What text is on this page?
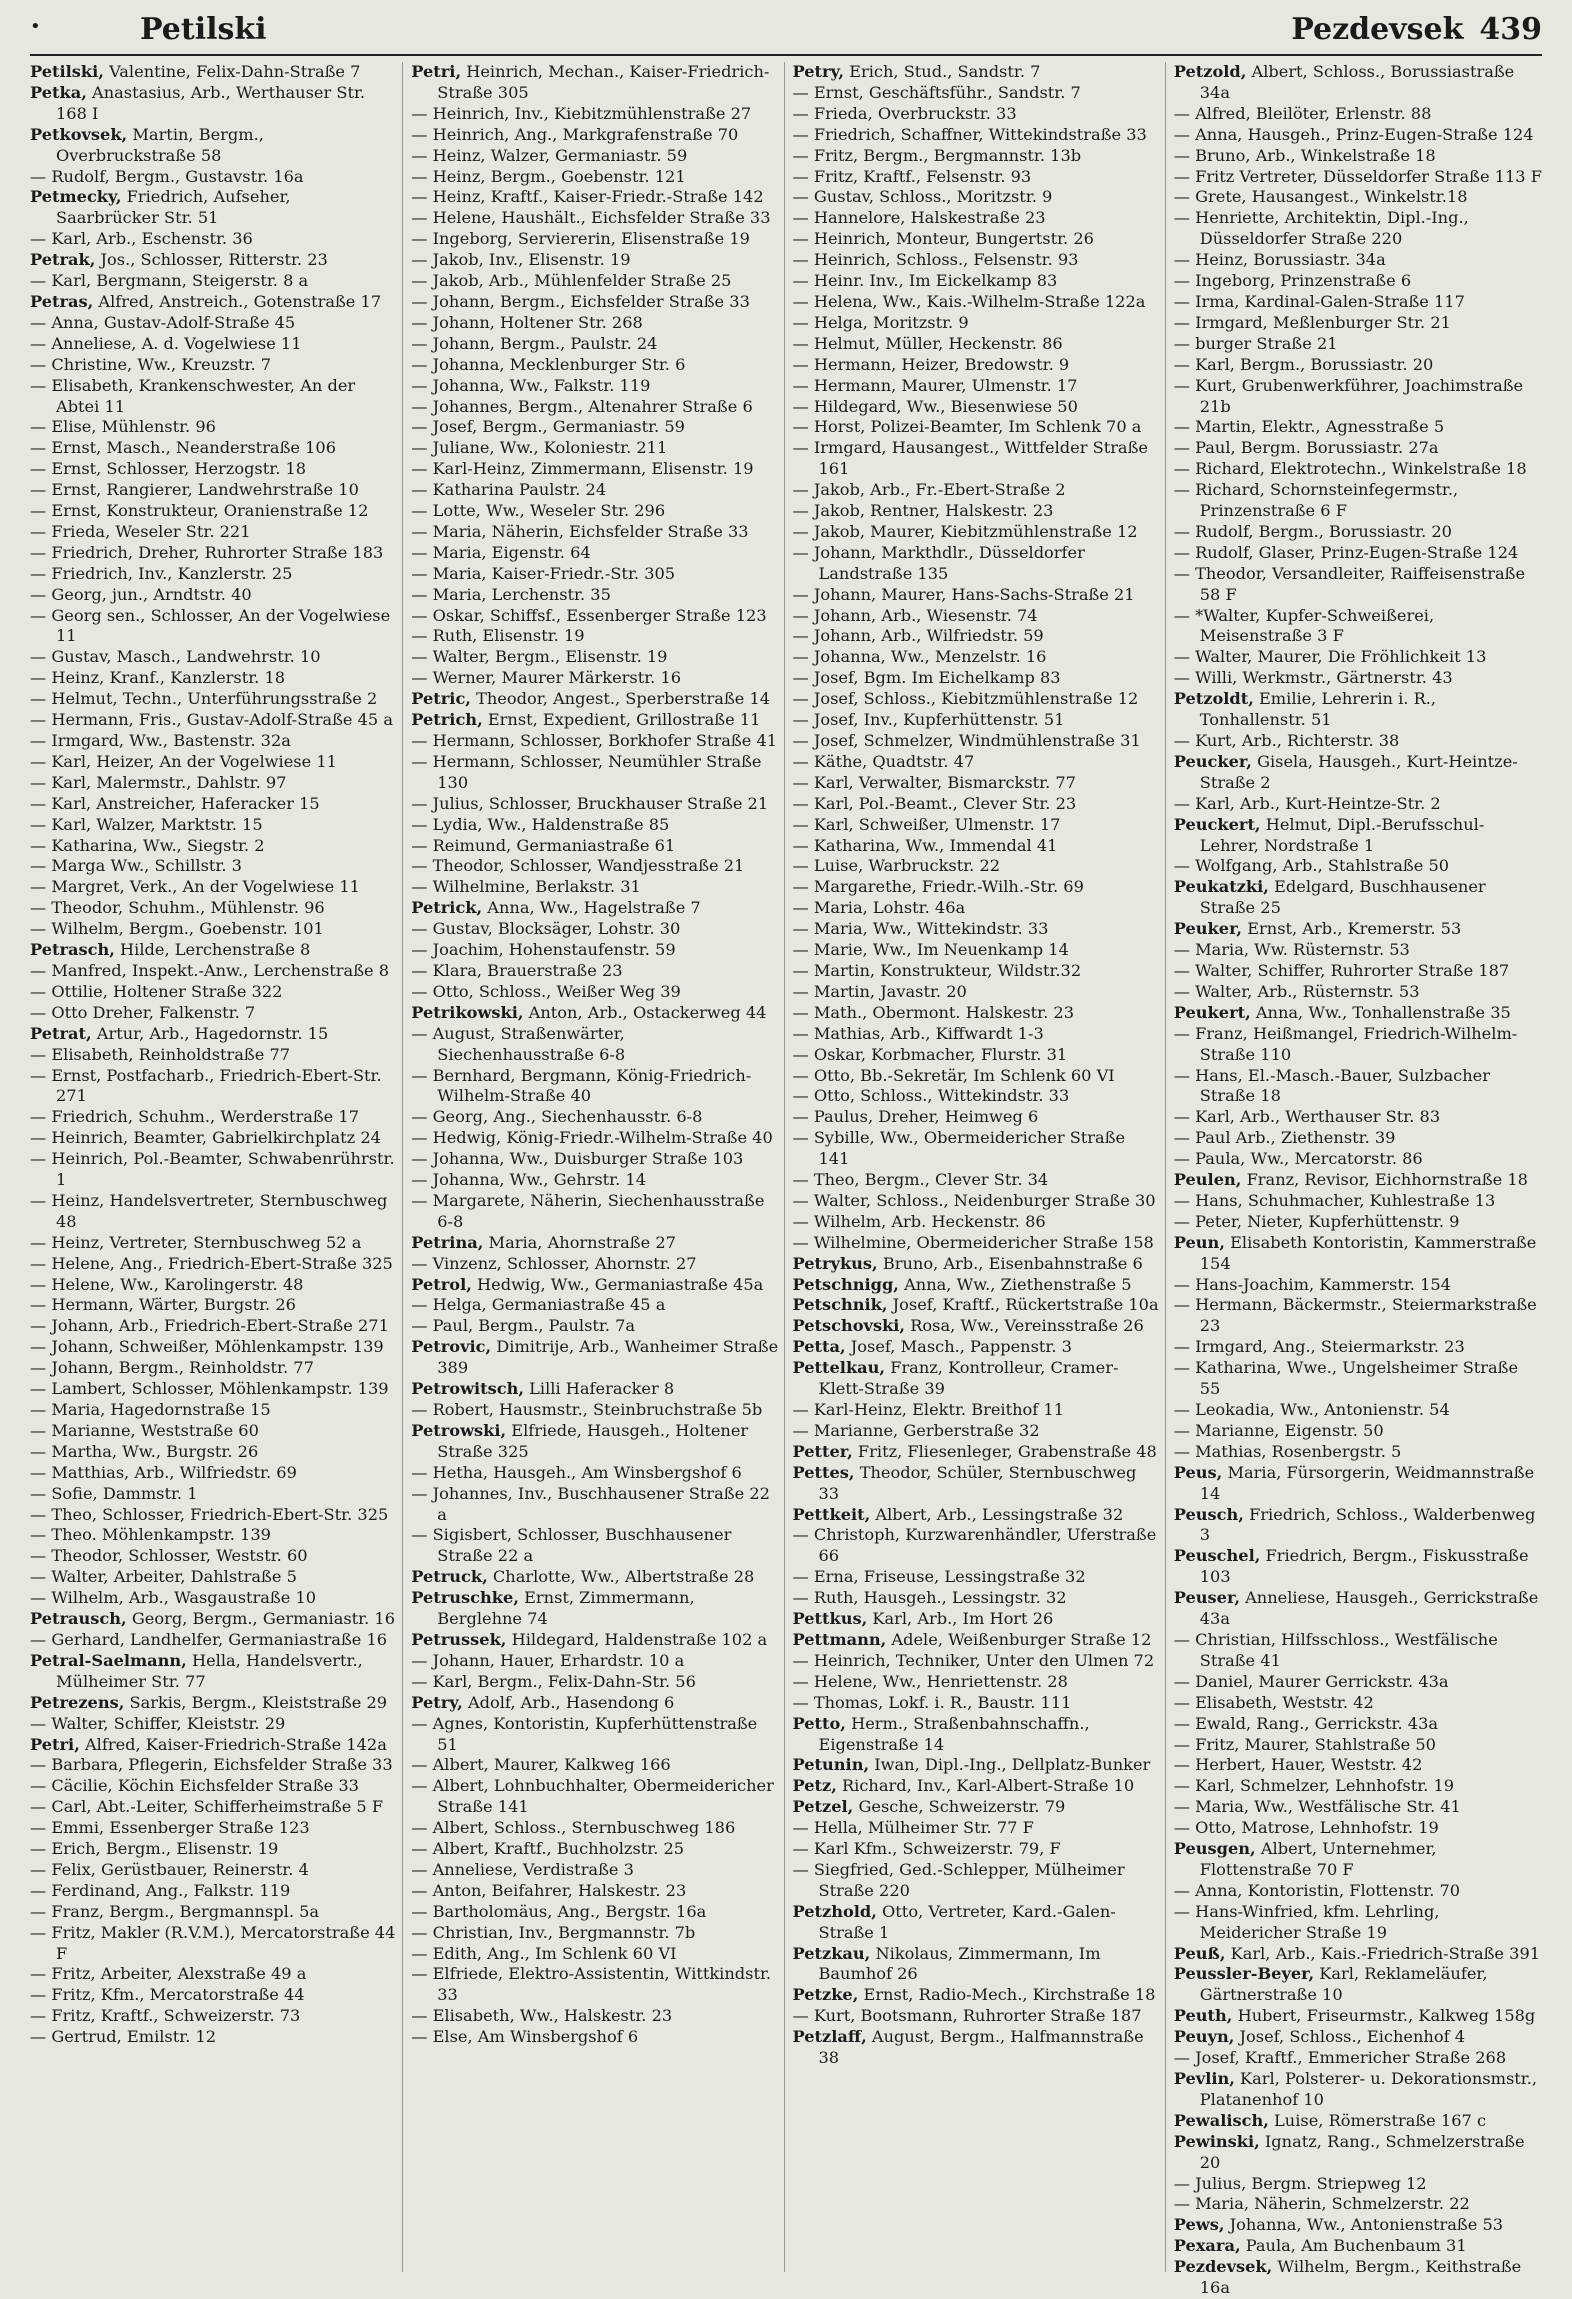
•	Petilski	Pezdevsek 439

Petilski, Valentine, Felix-Dahn-Straße 7

Petka, Anastasius, Arb., Werthauser Str. 168 I

Petkovsek, Martin, Bergm., Overbruckstraße 58

— Rudolf, Bergm., Gustavstr. 16a

Petmecky, Friedrich, Aufseher, Saarbrücker Str. 51

— Karl, Arb., Eschenstr. 36

Petrak, Jos., Schlosser, Ritterstr. 23

— Karl, Bergmann, Steigerstr. 8 a

Petras, Alfred, Anstreich., Gotenstraße 17

— Anna, Gustav-Adolf-Straße 45

— Anneliese, A. d. Vogelwiese 11

— Christine, Ww., Kreuzstr. 7

— Elisabeth, Krankenschwester, An der Abtei 11

— Elise, Mühlenstr. 96

— Ernst, Masch., Neanderstraße 106

— Ernst, Schlosser, Herzogstr. 18

— Ernst, Rangierer, Landwehrstraße 10

— Ernst, Konstrukteur, Oranienstraße 12

— Frieda, Weseler Str. 221

— Friedrich, Dreher, Ruhrorter Straße 183

— Friedrich, Inv., Kanzlerstr. 25

— Georg, jun., Arndtstr. 40

— Georg sen., Schlosser, An der Vogelwiese 11

— Gustav, Masch., Landwehrstr. 10

— Heinz, Kranf., Kanzlerstr. 18

— Helmut, Techn., Unterführungsstraße 2

— Hermann, Fris., Gustav-Adolf-Straße 45 a

— Irmgard, Ww., Bastenstr. 32a

— Karl, Heizer, An der Vogelwiese 11

— Karl, Malermstr., Dahlstr. 97

— Karl, Anstreicher, Haferacker 15

— Karl, Walzer, Marktstr. 15

— Katharina, Ww., Siegstr. 2

— Marga Ww., Schillstr. 3

— Margret, Verk., An der Vogelwiese 11

— Theodor, Schuhm., Mühlenstr. 96

— Wilhelm, Bergm., Goebenstr. 101

Petrasch, Hilde, Lerchenstraße 8

— Manfred, Inspekt.-Anw., Lerchenstraße 8

— Ottilie, Holtener Straße 322

— Otto Dreher, Falkenstr. 7

Petrat, Artur, Arb., Hagedornstr. 15

— Elisabeth, Reinholdstraße 77

— Ernst, Postfacharb., Friedrich-Ebert-Str. 271

— Friedrich, Schuhm., Werderstraße 17

— Heinrich, Beamter, Gabrielkirchplatz 24

— Heinrich, Pol.-Beamter, Schwabenrührstr. 1

— Heinz, Handelsvertreter, Sternbuschweg 48

— Heinz, Vertreter, Sternbuschweg 52 a

— Helene, Ang., Friedrich-Ebert-Straße 325

— Helene, Ww., Karolingerstr. 48

— Hermann, Wärter, Burgstr. 26

— Johann, Arb., Friedrich-Ebert-Straße 271

— Johann, Schweißer, Möhlenkampstr. 139

— Johann, Bergm., Reinholdstr. 77

— Lambert, Schlosser, Möhlenkampstr. 139

— Maria, Hagedornstraße 15

— Marianne, Weststraße 60

— Martha, Ww., Burgstr. 26

— Matthias, Arb., Wilfriedstr. 69

— Sofie, Dammstr. 1

— Theo, Schlosser, Friedrich-Ebert-Str. 325

— Theo. Möhlenkampstr. 139

— Theodor, Schlosser, Weststr. 60

— Walter, Arbeiter, Dahlstraße 5

— Wilhelm, Arb., Wasgaustraße 10

Petrausch, Georg, Bergm., Germaniastr. 16

— Gerhard, Landhelfer, Germaniastraße 16

Petral-Saelmann, Hella, Handelsvertr., Mülheimer Str. 77

Petrezens, Sarkis, Bergm., Kleiststraße 29

— Walter, Schiffer, Kleiststr. 29

Petri, Alfred, Kaiser-Friedrich-Straße 142a

— Barbara, Pflegerin, Eichsfelder Straße 33

— Cäcilie, Köchin Eichsfelder Straße 33

— Carl, Abt.-Leiter, Schifferheimstraße 5 F

— Emmi, Essenberger Straße 123

— Erich, Bergm., Elisenstr. 19

— Felix, Gerüstbauer, Reinerstr. 4

— Ferdinand, Ang., Falkstr. 119

— Franz, Bergm., Bergmannspl. 5a

— Fritz, Makler (R.V.M.), Mercatorstraße 44 F

— Fritz, Arbeiter, Alexstraße 49 a

— Fritz, Kfm., Mercatorstraße 44

— Fritz, Kraftf., Schweizerstr. 73

— Gertrud, Emilstr. 12

Petri, Heinrich, Mechan., Kaiser-Friedrich-Straße 305

— Heinrich, Inv., Kiebitzmühlenstraße 27

— Heinrich, Ang., Markgrafenstraße 70

— Heinz, Walzer, Germaniastr. 59

— Heinz, Bergm., Goebenstr. 121

— Heinz, Kraftf., Kaiser-Friedr.-Straße 142

— Helene, Haushält., Eichsfelder Straße 33

— Ingeborg, Serviererin, Elisenstraße 19

— Jakob, Inv., Elisenstr. 19

— Jakob, Arb., Mühlenfelder Straße 25

— Johann, Bergm., Eichsfelder Straße 33

— Johann, Holtener Str. 268

— Johann, Bergm., Paulstr. 24

— Johanna, Mecklenburger Str. 6

— Johanna, Ww., Falkstr. 119

— Johannes, Bergm., Altenahrer Straße 6

— Josef, Bergm., Germaniastr. 59

— Juliane, Ww., Koloniestr. 211

— Karl-Heinz, Zimmermann, Elisenstr. 19

— Katharina Paulstr. 24

— Lotte, Ww., Weseler Str. 296

— Maria, Näherin, Eichsfelder Straße 33

— Maria, Eigenstr. 64

— Maria, Kaiser-Friedr.-Str. 305

— Maria, Lerchenstr. 35

— Oskar, Schiffsf., Essenberger Straße 123

— Ruth, Elisenstr. 19

— Walter, Bergm., Elisenstr. 19

— Werner, Maurer Märkerstr. 16

Petric, Theodor, Angest., Sperberstraße 14

Petrich, Ernst, Expedient, Grillostraße 11

— Hermann, Schlosser, Borkhofer Straße 41

— Hermann, Schlosser, Neumühler Straße 130

— Julius, Schlosser, Bruckhauser Straße 21

— Lydia, Ww., Haldenstraße 85

— Reimund, Germaniastraße 61

— Theodor, Schlosser, Wandjesstraße 21

— Wilhelmine, Berlakstr. 31

Petrick, Anna, Ww., Hagelstraße 7

— Gustav, Blocksäger, Lohstr. 30

— Joachim, Hohenstaufenstr. 59

— Klara, Brauerstraße 23

— Otto, Schloss., Weißer Weg 39

Petrikowski, Anton, Arb., Ostackerweg 44

— August, Straßenwärter, Siechenhausstraße 6-8

— Bernhard, Bergmann, König-Friedrich-Wilhelm-Straße 40

— Georg, Ang., Siechenhausstr. 6-8

— Hedwig, König-Friedr.-Wilhelm-Straße 40

— Johanna, Ww., Duisburger Straße 103

— Johanna, Ww., Gehrstr. 14

— Margarete, Näherin, Siechenhausstraße 6-8

Petrina, Maria, Ahornstraße 27

— Vinzenz, Schlosser, Ahornstr. 27

Petrol, Hedwig, Ww., Germaniastraße 45a

— Helga, Germaniastraße 45 a

— Paul, Bergm., Paulstr. 7a

Petrovic, Dimitrije, Arb., Wanheimer Straße 389

Petrowitsch, Lilli Haferacker 8

— Robert, Hausmstr., Steinbruchstraße 5b

Petrowski, Elfriede, Hausgeh., Holtener Straße 325

— Hetha, Hausgeh., Am Winsbergshof 6

— Johannes, Inv., Buschhausener Straße 22 a

— Sigisbert, Schlosser, Buschhausener Straße 22 a

Petruck, Charlotte, Ww., Albertstraße 28

Petruschke, Ernst, Zimmermann, Berglehne 74

Petrussek, Hildegard, Haldenstraße 102 a

— Johann, Hauer, Erhardstr. 10 a

— Karl, Bergm., Felix-Dahn-Str. 56

Petry, Adolf, Arb., Hasendong 6

— Agnes, Kontoristin, Kupferhüttenstraße 51

— Albert, Maurer, Kalkweg 166

— Albert, Lohnbuchhalter, Obermeidericher Straße 141

— Albert, Schloss., Sternbuschweg 186

— Albert, Kraftf., Buchholzstr. 25

— Anneliese, Verdistraße 3

— Anton, Beifahrer, Halskestr. 23

— Bartholomäus, Ang., Bergstr. 16a

— Christian, Inv., Bergmannstr. 7b

— Edith, Ang., Im Schlenk 60 VI

— Elfriede, Elektro-Assistentin, Wittkindstr. 33

— Elisabeth, Ww., Halskestr. 23

— Else, Am Winsbergshof 6

Petry, Erich, Stud., Sandstr. 7

— Ernst, Geschäftsführ., Sandstr. 7

— Frieda, Overbruckstr. 33

— Friedrich, Schaffner, Wittekindstraße 33

— Fritz, Bergm., Bergmannstr. 13b

— Fritz, Kraftf., Felsenstr. 93

— Gustav, Schloss., Moritzstr. 9

— Hannelore, Halskestraße 23

— Heinrich, Monteur, Bungertstr. 26

— Heinrich, Schloss., Felsenstr. 93

— Heinr. Inv., Im Eickelkamp 83

— Helena, Ww., Kais.-Wilhelm-Straße 122a

— Helga, Moritzstr. 9

— Helmut, Müller, Heckenstr. 86

— Hermann, Heizer, Bredowstr. 9

— Hermann, Maurer, Ulmenstr. 17

— Hildegard, Ww., Biesenwiese 50

— Horst, Polizei-Beamter, Im Schlenk 70 a

— Irmgard, Hausangest., Wittfelder Straße 161

— Jakob, Arb., Fr.-Ebert-Straße 2

— Jakob, Rentner, Halskestr. 23

— Jakob, Maurer, Kiebitzmühlenstraße 12

— Johann, Markthdlr., Düsseldorfer Landstraße 135

— Johann, Maurer, Hans-Sachs-Straße 21

— Johann, Arb., Wiesenstr. 74

— Johann, Arb., Wilfriedstr. 59

— Johanna, Ww., Menzelstr. 16

— Josef, Bgm. Im Eichelkamp 83

— Josef, Schloss., Kiebitzmühlenstraße 12

— Josef, Inv., Kupferhüttenstr. 51

— Josef, Schmelzer, Windmühlenstraße 31

— Käthe, Quadtstr. 47

— Karl, Verwalter, Bismarckstr. 77

— Karl, Pol.-Beamt., Clever Str. 23

— Karl, Schweißer, Ulmenstr. 17

— Katharina, Ww., Immendal 41

— Luise, Warbruckstr. 22

— Margarethe, Friedr.-Wilh.-Str. 69

— Maria, Lohstr. 46a

— Maria, Ww., Wittekindstr. 33

— Marie, Ww., Im Neuenkamp 14

— Martin, Konstrukteur, Wildstr.32

— Martin, Javastr. 20

— Math., Obermont. Halskestr. 23

— Mathias, Arb., Kiffwardt 1-3

— Oskar, Korbmacher, Flurstr. 31

— Otto, Bb.-Sekretär, Im Schlenk 60 VI

— Otto, Schloss., Wittekindstr. 33

— Paulus, Dreher, Heimweg 6

— Sybille, Ww., Obermeidericher Straße 141

— Theo, Bergm., Clever Str. 34

— Walter, Schloss., Neidenburger Straße 30

— Wilhelm, Arb. Heckenstr. 86

— Wilhelmine, Obermeidericher Straße 158

Petrykus, Bruno, Arb., Eisenbahnstraße 6

Petschnigg, Anna, Ww., Ziethenstraße 5

Petschnik, Josef, Kraftf., Rückertstraße 10a

Petschovski, Rosa, Ww., Vereinsstraße 26

Petta, Josef, Masch., Pappenstr. 3

Pettelkau, Franz, Kontrolleur, Cramer-Klett-Straße 39

— Karl-Heinz, Elektr. Breithof 11

— Marianne, Gerberstraße 32

Petter, Fritz, Fliesenleger, Grabenstraße 48

Pettes, Theodor, Schüler, Sternbuschweg 33

Pettkeit, Albert, Arb., Lessingstraße 32

— Christoph, Kurzwarenhändler, Uferstraße 66

— Erna, Friseuse, Lessingstraße 32

— Ruth, Hausgeh., Lessingstr. 32

Pettkus, Karl, Arb., Im Hort 26

Pettmann, Adele, Weißenburger Straße 12

— Heinrich, Techniker, Unter den Ulmen 72

— Helene, Ww., Henriettenstr. 28

— Thomas, Lokf. i. R., Baustr. 111

Petto, Herm., Straßenbahnschaffn., Eigenstraße 14

Petunin, Iwan, Dipl.-Ing., Dellplatz-Bunker

Petz, Richard, Inv., Karl-Albert-Straße 10

Petzel, Gesche, Schweizerstr. 79

— Hella, Mülheimer Str. 77 F

— Karl Kfm., Schweizerstr. 79, F

— Siegfried, Ged.-Schlepper, Mülheimer Straße 220

Petzhold, Otto, Vertreter, Kard.-Galen-Straße 1

Petzkau, Nikolaus, Zimmermann, Im Baumhof 26

Petzke, Ernst, Radio-Mech., Kirchstraße 18

— Kurt, Bootsmann, Ruhrorter Straße 187

Petzlaff, August, Bergm., Halfmannstraße 38

Petzold, Albert, Schloss., Borussiastraße 34a

— Alfred, Bleilöter, Erlenstr. 88

— Anna, Hausgeh., Prinz-Eugen-Straße 124

— Bruno, Arb., Winkelstraße 18

— Fritz Vertreter, Düsseldorfer Straße 113 F

— Grete, Hausangest., Winkelstr.18

— Henriette, Architektin, Dipl.-Ing., Düsseldorfer Straße 220

— Heinz, Borussiastr. 34a

— Ingeborg, Prinzenstraße 6

— Irma, Kardinal-Galen-Straße 117

— Irmgard, Meßlenburger Str. 21

— burger Straße 21

— Karl, Bergm., Borussiastr. 20

— Kurt, Grubenwerkführer, Joachimstraße 21b

— Martin, Elektr., Agnesstraße 5

— Paul, Bergm. Borussiastr. 27a

— Richard, Elektrotechn., Winkelstraße 18

— Richard, Schornsteinfegermstr., Prinzenstraße 6 F

— Rudolf, Bergm., Borussiastr. 20

— Rudolf, Glaser, Prinz-Eugen-Straße 124

— Theodor, Versandleiter, Raiffeisenstraße 58 F

— *Walter, Kupfer-Schweißerei, Meisenstraße 3 F

— Walter, Maurer, Die Fröhlichkeit 13

— Willi, Werkmstr., Gärtnerstr. 43

Petzoldt, Emilie, Lehrerin i. R., Tonhallenstr. 51

— Kurt, Arb., Richterstr. 38

Peucker, Gisela, Hausgeh., Kurt-Heintze-Straße 2

— Karl, Arb., Kurt-Heintze-Str. 2

Peuckert, Helmut, Dipl.-Berufsschul-Lehrer, Nordstraße 1

— Wolfgang, Arb., Stahlstraße 50

Peukatzki, Edelgard, Buschhausener Straße 25

Peuker, Ernst, Arb., Kremerstr. 53

— Maria, Ww. Rüsternstr. 53

— Walter, Schiffer, Ruhrorter Straße 187

— Walter, Arb., Rüsternstr. 53

Peukert, Anna, Ww., Tonhallenstraße 35

— Franz, Heißmangel, Friedrich-Wilhelm-Straße 110

— Hans, El.-Masch.-Bauer, Sulzbacher Straße 18

— Karl, Arb., Werthauser Str. 83

— Paul Arb., Ziethenstr. 39

— Paula, Ww., Mercatorstr. 86

Peulen, Franz, Revisor, Eichhornstraße 18

— Hans, Schuhmacher, Kuhlestraße 13

— Peter, Nieter, Kupferhüttenstr. 9

Peun, Elisabeth Kontoristin, Kammerstraße 154

— Hans-Joachim, Kammerstr. 154

— Hermann, Bäckermstr., Steiermarkstraße 23

— Irmgard, Ang., Steiermarkstr. 23

— Katharina, Wwe., Ungelsheimer Straße 55

— Leokadia, Ww., Antonienstr. 54

— Marianne, Eigenstr. 50

— Mathias, Rosenbergstr. 5

Peus, Maria, Fürsorgerin, Weidmannstraße 14

Peusch, Friedrich, Schloss., Walderbenweg 3

Peuschel, Friedrich, Bergm., Fiskusstraße 103

Peuser, Anneliese, Hausgeh., Gerrickstraße 43a

— Christian, Hilfsschloss., Westfälische Straße 41

— Daniel, Maurer Gerrickstr. 43a

— Elisabeth, Weststr. 42

— Ewald, Rang., Gerrickstr. 43a

— Fritz, Maurer, Stahlstraße 50

— Herbert, Hauer, Weststr. 42

— Karl, Schmelzer, Lehnhofstr. 19

— Maria, Ww., Westfälische Str. 41

— Otto, Matrose, Lehnhofstr. 19

Peusgen, Albert, Unternehmer, Flottenstraße 70 F

— Anna, Kontoristin, Flottenstr. 70

— Hans-Winfried, kfm. Lehrling, Meidericher Straße 19

Peuß, Karl, Arb., Kais.-Friedrich-Straße 391

Peussler-Beyer, Karl, Reklameläufer, Gärtnerstraße 10

Peuth, Hubert, Friseurmstr., Kalkweg 158g

Peuyn, Josef, Schloss., Eichenhof 4

— Josef, Kraftf., Emmericher Straße 268

Pevlin, Karl, Polsterer- u. Dekorationsmstr., Platanenhof 10

Pewalisch, Luise, Römerstraße 167 c

Pewinski, Ignatz, Rang., Schmelzerstraße 20

— Julius, Bergm. Striepweg 12

— Maria, Näherin, Schmelzerstr. 22

Pews, Johanna, Ww., Antonienstraße 53

Pexara, Paula, Am Buchenbaum 31

Pezdevsek, Wilhelm, Bergm., Keithstraße 16a
